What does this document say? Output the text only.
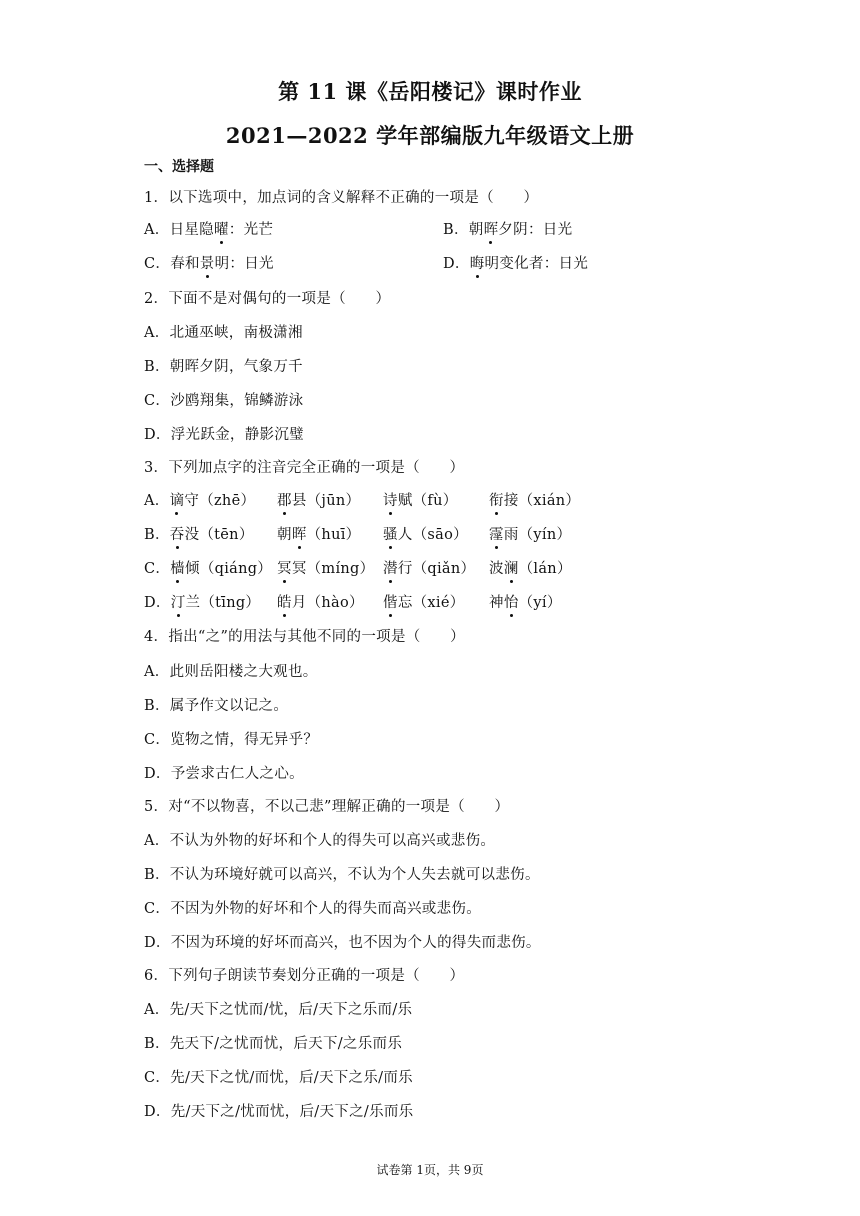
第 11 课《岳阳楼记》课时作业
2021—2022 学年部编版九年级语文上册
一、选择题
1．以下选项中，加点词的含义解释不正确的一项是（　　）
A．日星隐曜：光芒	B．朝晖夕阴：日光
C．春和景明：日光	D．晦明变化者：日光
2．下面不是对偶句的一项是（　　）
A．北通巫峡，南极潇湘
B．朝晖夕阴，气象万千
C．沙鸥翔集，锦鳞游泳
D．浮光跃金，静影沉璧
3．下列加点字的注音完全正确的一项是（　　）
A．谪守（zhē） 郡县（jūn） 诗赋（fù） 衔接（xián）
B．吞没（tēn） 朝晖（huī） 骚人（sāo） 霪雨（yín）
C．樯倾（qiáng） 冥冥（míng） 潜行（qiǎn） 波澜（lán）
D．汀兰（tīng） 皓月（hào） 偕忘（xié） 神怡（yí）
4．指出“之”的用法与其他不同的一项是（　　）
A．此则岳阳楼之大观也。
B．属予作文以记之。
C．览物之情，得无异乎？
D．予尝求古仁人之心。
5．对“不以物喜，不以己悲”理解正确的一项是（　　）
A．不认为外物的好坏和个人的得失可以高兴或悲伤。
B．不认为环境好就可以高兴，不认为个人失去就可以悲伤。
C．不因为外物的好坏和个人的得失而高兴或悲伤。
D．不因为环境的好坏而高兴，也不因为个人的得失而悲伤。
6．下列句子朗读节奏划分正确的一项是（　　）
A．先/天下之忧而/忧，后/天下之乐而/乐
B．先天下/之忧而忧，后天下/之乐而乐
C．先/天下之忧/而忧，后/天下之乐/而乐
D．先/天下之/忧而忧，后/天下之/乐而乐
试卷第 1页，共 9页
